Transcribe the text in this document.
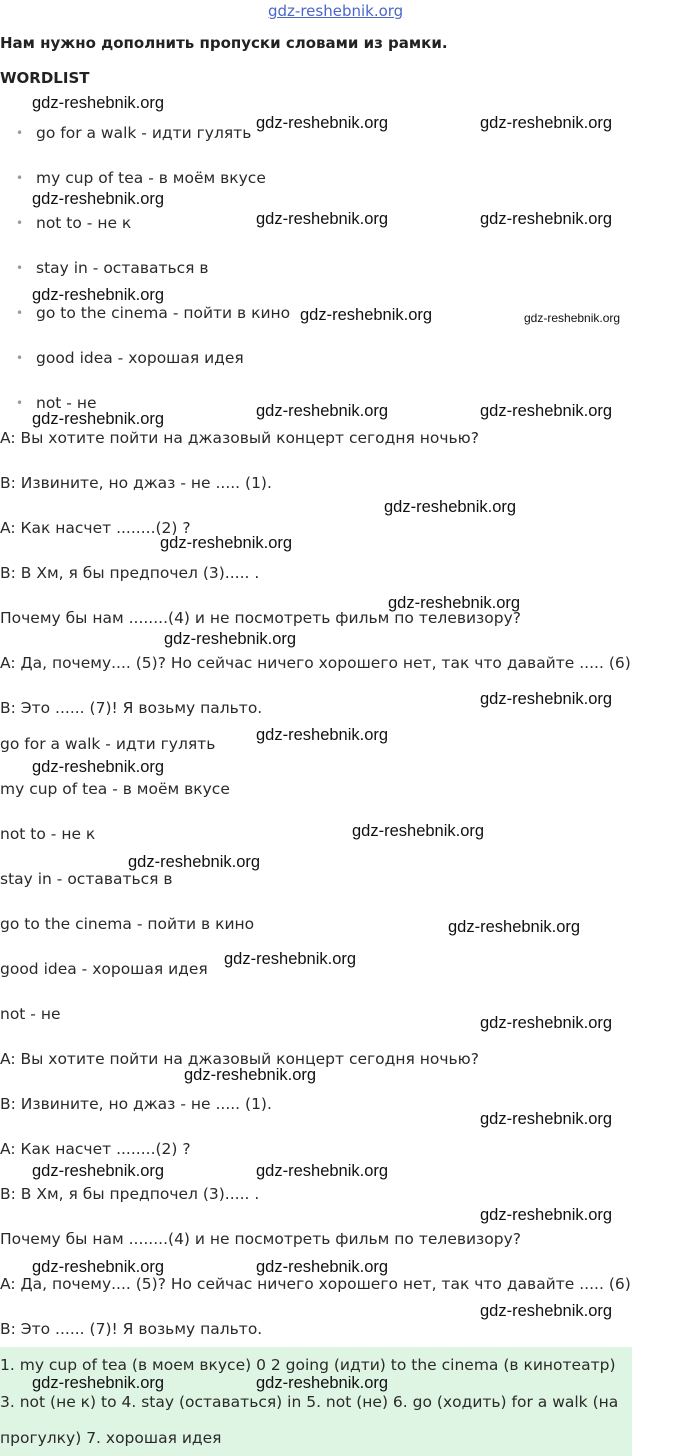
gdz-reshebnik.org
Нам нужно дополнить пропуски словами из рамки.
WORDLIST
• go for a walk - идти гулять
• my cup of tea - в моём вкусе
• not to - не к
• stay in - оставаться в
• go to the cinema - пойти в кино
• good idea - хорошая идея
• not - не
A: Вы хотите пойти на джазовый концерт сегодня ночью?
B: Извините, но джаз - не ..... (1).
A: Как насчет ........(2) ?
B: В Хм, я бы предпочел (3)..... .
Почему бы нам ........(4) и не посмотреть фильм по телевизору?
A: Да, почему.... (5)? Но сейчас ничего хорошего нет, так что давайте ..... (6)
B: Это ...... (7)! Я возьму пальто.
go for a walk - идти гулять
my cup of tea - в моём вкусе
not to - не к
stay in - оставаться в
go to the cinema - пойти в кино
good idea - хорошая идея
not - не
A: Вы хотите пойти на джазовый концерт сегодня ночью?
B: Извините, но джаз - не ..... (1).
A: Как насчет ........(2) ?
B: В Хм, я бы предпочел (3)..... .
Почему бы нам ........(4) и не посмотреть фильм по телевизору?
A: Да, почему.... (5)? Но сейчас ничего хорошего нет, так что давайте ..... (6)
B: Это ...... (7)! Я возьму пальто.
1. my cup of tea (в моем вкусе) 0 2 going (идти) to the cinema (в кинотеатр)
3. not (не к) to 4. stay (оставаться) in 5. not (не) 6. go (ходить) for a walk (на
прогулку) 7. хорошая идея
gdz-reshebnik.org
gdz-reshebnik.org	gdz-reshebnik.org
gdz-reshebnik.org
gdz-reshebnik.org	gdz-reshebnik.org
gdz-reshebnik.org
gdz-reshebnik.org	gdz-reshebnik.org
gdz-reshebnik.org	gdz-reshebnik.org
gdz-reshebnik.org
gdz-reshebnik.org
gdz-reshebnik.org
gdz-reshebnik.org
gdz-reshebnik.org
gdz-reshebnik.org
gdz-reshebnik.org
gdz-reshebnik.org
gdz-reshebnik.org
gdz-reshebnik.org
gdz-reshebnik.org
gdz-reshebnik.org
gdz-reshebnik.org
gdz-reshebnik.org
gdz-reshebnik.org
gdz-reshebnik.org	gdz-reshebnik.org
gdz-reshebnik.org
gdz-reshebnik.org	gdz-reshebnik.org
gdz-reshebnik.org
gdz-reshebnik.org	gdz-reshebnik.org
